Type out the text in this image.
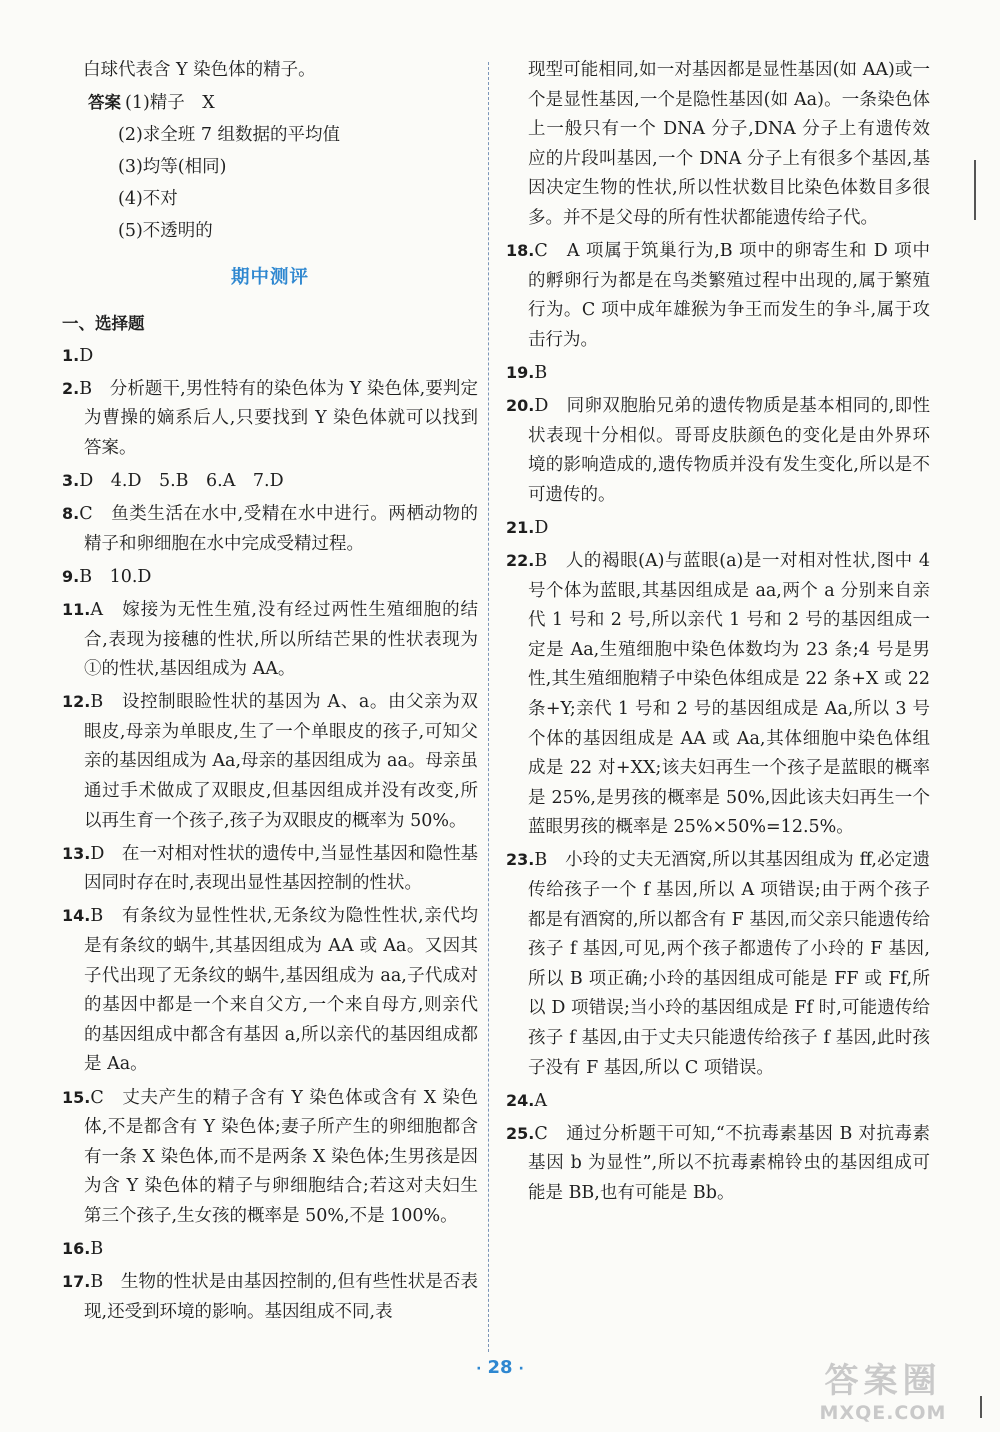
白球代表含 Y 染色体的精子。

答案 (1)精子　X

(2)求全班 7 组数据的平均值

(3)均等(相同)

(4)不对

(5)不透明的

期中测评
一、选择题

1.D

2.B　分析题干,男性特有的染色体为 Y 染色体,要判定为曹操的嫡系后人,只要找到 Y 染色体就可以找到答案。

3.D　4.D　5.B　6.A　7.D

8.C　鱼类生活在水中,受精在水中进行。两栖动物的精子和卵细胞在水中完成受精过程。

9.B　10.D

11.A　嫁接为无性生殖,没有经过两性生殖细胞的结合,表现为接穗的性状,所以所结芒果的性状表现为①的性状,基因组成为 AA。

12.B　设控制眼睑性状的基因为 A、a。由父亲为双眼皮,母亲为单眼皮,生了一个单眼皮的孩子,可知父亲的基因组成为 Aa,母亲的基因组成为 aa。母亲虽通过手术做成了双眼皮,但基因组成并没有改变,所以再生育一个孩子,孩子为双眼皮的概率为 50%。

13.D　在一对相对性状的遗传中,当显性基因和隐性基因同时存在时,表现出显性基因控制的性状。

14.B　有条纹为显性性状,无条纹为隐性性状,亲代均是有条纹的蜗牛,其基因组成为 AA 或 Aa。又因其子代出现了无条纹的蜗牛,基因组成为 aa,子代成对的基因中都是一个来自父方,一个来自母方,则亲代的基因组成中都含有基因 a,所以亲代的基因组成都是 Aa。

15.C　丈夫产生的精子含有 Y 染色体或含有 X 染色体,不是都含有 Y 染色体;妻子所产生的卵细胞都含有一条 X 染色体,而不是两条 X 染色体;生男孩是因为含 Y 染色体的精子与卵细胞结合;若这对夫妇生第三个孩子,生女孩的概率是 50%,不是 100%。

16.B

17.B　生物的性状是由基因控制的,但有些性状是否表现,还受到环境的影响。基因组成不同,表

现型可能相同,如一对基因都是显性基因(如 AA)或一个是显性基因,一个是隐性基因(如 Aa)。一条染色体上一般只有一个 DNA 分子,DNA 分子上有遗传效应的片段叫基因,一个 DNA 分子上有很多个基因,基因决定生物的性状,所以性状数目比染色体数目多很多。并不是父母的所有性状都能遗传给子代。

18.C　A 项属于筑巢行为,B 项中的卵寄生和 D 项中的孵卵行为都是在鸟类繁殖过程中出现的,属于繁殖行为。C 项中成年雄猴为争王而发生的争斗,属于攻击行为。

19.B

20.D　同卵双胞胎兄弟的遗传物质是基本相同的,即性状表现十分相似。哥哥皮肤颜色的变化是由外界环境的影响造成的,遗传物质并没有发生变化,所以是不可遗传的。

21.D

22.B　人的褐眼(A)与蓝眼(a)是一对相对性状,图中 4 号个体为蓝眼,其基因组成是 aa,两个 a 分别来自亲代 1 号和 2 号,所以亲代 1 号和 2 号的基因组成一定是 Aa,生殖细胞中染色体数均为 23 条;4 号是男性,其生殖细胞精子中染色体组成是 22 条+X 或 22 条+Y;亲代 1 号和 2 号的基因组成是 Aa,所以 3 号个体的基因组成是 AA 或 Aa,其体细胞中染色体组成是 22 对+XX;该夫妇再生一个孩子是蓝眼的概率是 25%,是男孩的概率是 50%,因此该夫妇再生一个蓝眼男孩的概率是 25%×50%=12.5%。

23.B　小玲的丈夫无酒窝,所以其基因组成为 ff,必定遗传给孩子一个 f 基因,所以 A 项错误;由于两个孩子都是有酒窝的,所以都含有 F 基因,而父亲只能遗传给孩子 f 基因,可见,两个孩子都遗传了小玲的 F 基因,所以 B 项正确;小玲的基因组成可能是 FF 或 Ff,所以 D 项错误;当小玲的基因组成是 Ff 时,可能遗传给孩子 f 基因,由于丈夫只能遗传给孩子 f 基因,此时孩子没有 F 基因,所以 C 项错误。

24.A

25.C　通过分析题干可知,“不抗毒素基因 B 对抗毒素基因 b 为显性”,所以不抗毒素棉铃虫的基因组成可能是 BB,也有可能是 Bb。

· 28 ·	答案圈
MXQE.COM
